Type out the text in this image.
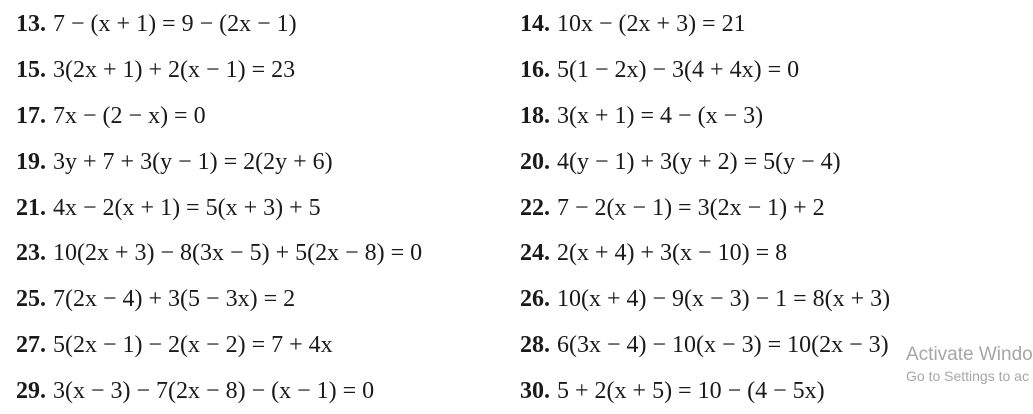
13. 7 − (x + 1) = 9 − (2x − 1)
15. 3(2x + 1) + 2(x − 1) = 23
17. 7x − (2 − x) = 0
19. 3y + 7 + 3(y − 1) = 2(2y + 6)
21. 4x − 2(x + 1) = 5(x + 3) + 5
23. 10(2x + 3) − 8(3x − 5) + 5(2x − 8) = 0
25. 7(2x − 4) + 3(5 − 3x) = 2
27. 5(2x − 1) − 2(x − 2) = 7 + 4x
29. 3(x − 3) − 7(2x − 8) − (x − 1) = 0
14. 10x − (2x + 3) = 21
16. 5(1 − 2x) − 3(4 + 4x) = 0
18. 3(x + 1) = 4 − (x − 3)
20. 4(y − 1) + 3(y + 2) = 5(y − 4)
22. 7 − 2(x − 1) = 3(2x − 1) + 2
24. 2(x + 4) + 3(x − 10) = 8
26. 10(x + 4) − 9(x − 3) − 1 = 8(x + 3)
28. 6(3x − 4) − 10(x − 3) = 10(2x − 3)
30. 5 + 2(x + 5) = 10 − (4 − 5x)
Activate Windo
Go to Settings to ac
